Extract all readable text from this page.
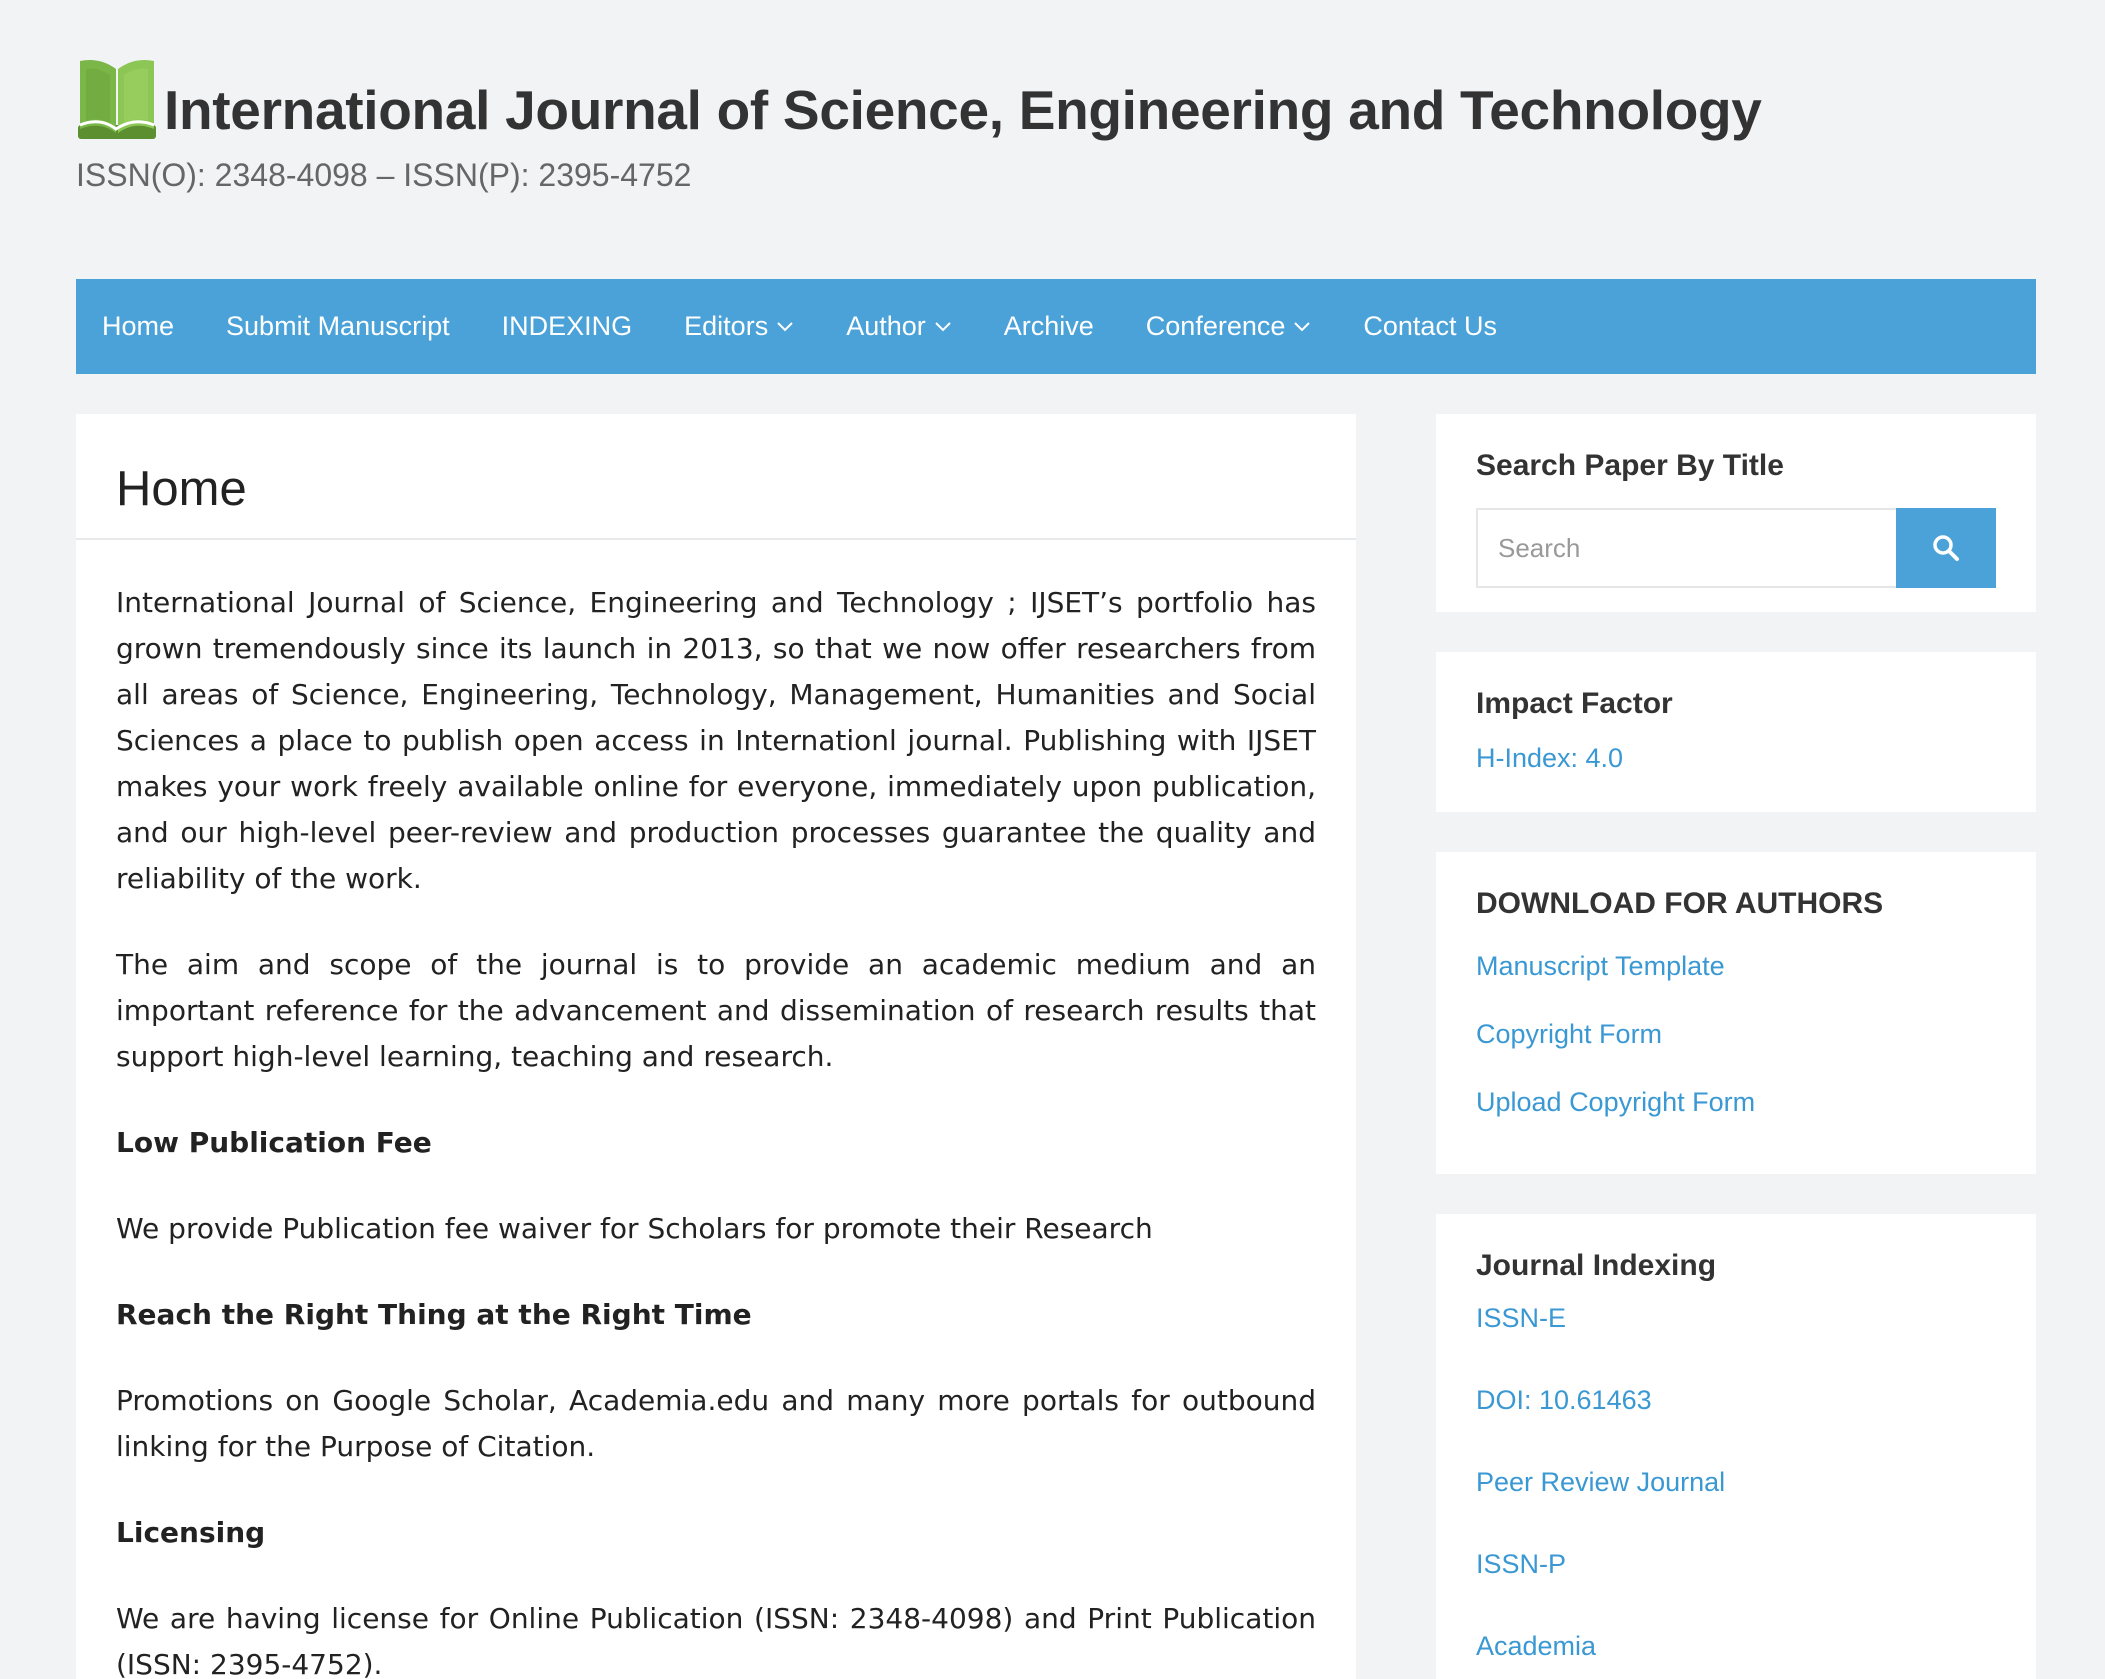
International Journal of Science, Engineering and Technology
ISSN(O): 2348-4098 – ISSN(P): 2395-4752
Home Submit Manuscript INDEXING Editors	Author	Archive Conference	Contact Us
Home

International Journal of Science, Engineering and Technology ; IJSET’s portfolio has grown tremendously since its launch in 2013, so that we now offer researchers from all areas of Science, Engineering, Technology, Management, Humanities and Social Sciences a place to publish open access in Internationl journal. Publishing with IJSET makes your work freely available online for everyone, immediately upon publication, and our high-level peer-review and production processes guarantee the quality and reliability of the work.

The aim and scope of the journal is to provide an academic medium and an important reference for the advancement and dissemination of research results that support high-level learning, teaching and research.

Low Publication Fee

We provide Publication fee waiver for Scholars for promote their Research

Reach the Right Thing at the Right Time

Promotions on Google Scholar, Academia.edu and many more portals for outbound linking for the Purpose of Citation.

Licensing

We are having license for Online Publication (ISSN: 2348-4098) and Print Publication (ISSN: 2395-4752).

Search Paper By Title
Search
Impact Factor
H-Index: 4.0
DOWNLOAD FOR AUTHORS
Manuscript Template
Copyright Form
Upload Copyright Form
Journal Indexing
ISSN-E
DOI: 10.61463
Peer Review Journal
ISSN-P
Academia
